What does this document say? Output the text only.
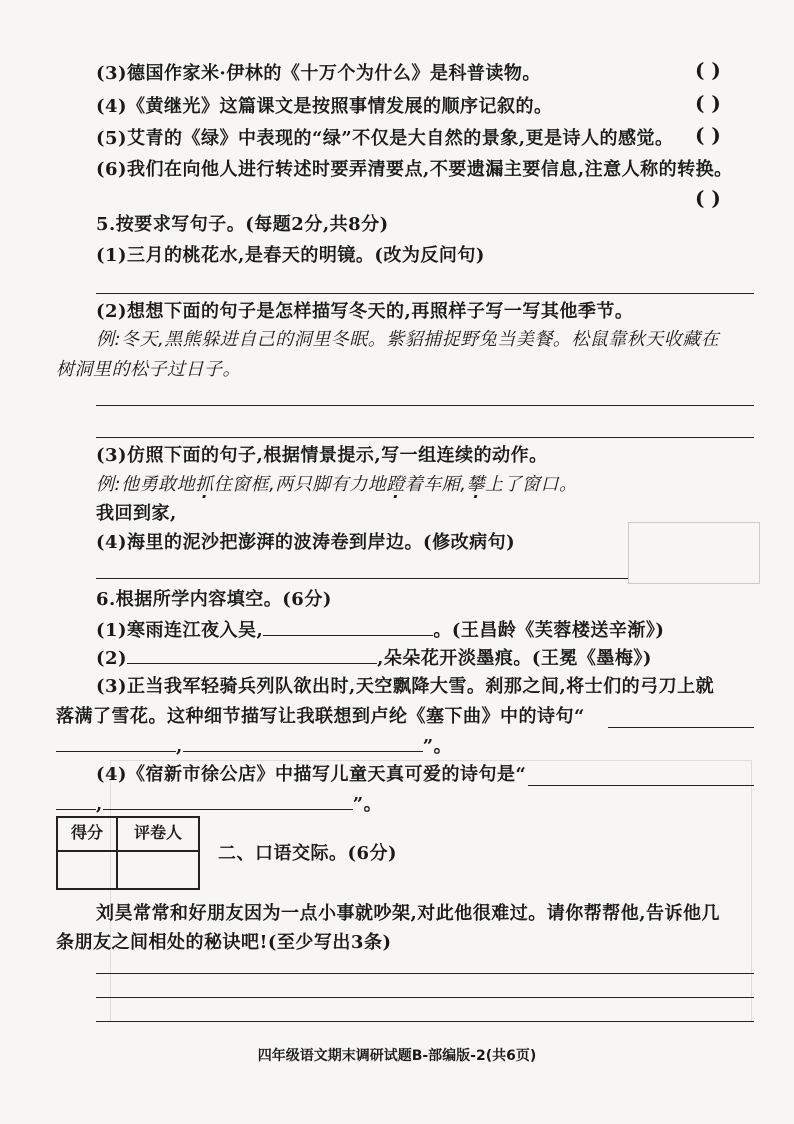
(3)德国作家米·伊林的《十万个为什么》是科普读物。	( )
(4)《黄继光》这篇课文是按照事情发展的顺序记叙的。	( )
(5)艾青的《绿》中表现的“绿”不仅是大自然的景象,更是诗人的感觉。 ( )
(6)我们在向他人进行转述时要弄清要点,不要遗漏主要信息,注意人称的转换。
( )
5.按要求写句子。(每题2分,共8分)
(1)三月的桃花水,是春天的明镜。(改为反问句)
(2)想想下面的句子是怎样描写冬天的,再照样子写一写其他季节。
例:冬天,黑熊躲进自己的洞里冬眠。紫貂捕捉野兔当美餐。松鼠靠秋天收藏在
树洞里的松子过日子。
(3)仿照下面的句子,根据情景提示,写一组连续的动作。
例:他勇敢地抓住窗框,两只脚有力地蹬着车厢,攀上了窗口。
我回到家,
(4)海里的泥沙把澎湃的波涛卷到岸边。(修改病句)
6.根据所学内容填空。(6分)
(1)寒雨连江夜入吴,	。(王昌龄《芙蓉楼送辛渐》)
(2)	,朵朵花开淡墨痕。(王冕《墨梅》)
(3)正当我军轻骑兵列队欲出时,天空飘降大雪。刹那之间,将士们的弓刀上就
落满了雪花。这种细节描写让我联想到卢纶《塞下曲》中的诗句“
,	”。
(4)《宿新市徐公店》中描写儿童天真可爱的诗句是“
,	”。
得分	评卷人
二、口语交际。(6分)
刘昊常常和好朋友因为一点小事就吵架,对此他很难过。请你帮帮他,告诉他几
条朋友之间相处的秘诀吧!(至少写出3条)
四年级语文期末调研试题B-部编版-2(共6页)
